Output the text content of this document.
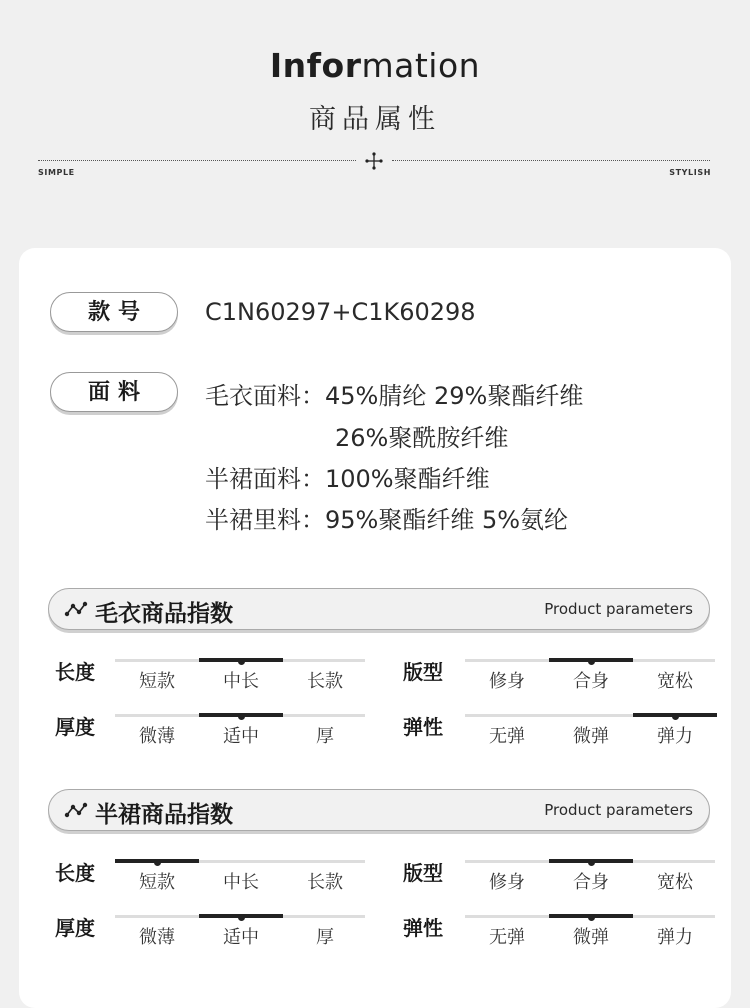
Information
商品属性
SIMPLE	STYLISH
款号	C1N60297+C1K60298
面料	毛衣面料：45%腈纶 29%聚酯纤维
26%聚酰胺纤维
半裙面料：100%聚酯纤维
半裙里料：95%聚酯纤维 5%氨纶
毛衣商品指数	Product parameters
长度	短款	中长	长款	版型	修身	合身	宽松
厚度	微薄	适中	厚	弹性	无弹	微弹	弹力
半裙商品指数	Product parameters
长度	短款	中长	长款	版型	修身	合身	宽松
厚度	微薄	适中	厚	弹性	无弹	微弹	弹力
